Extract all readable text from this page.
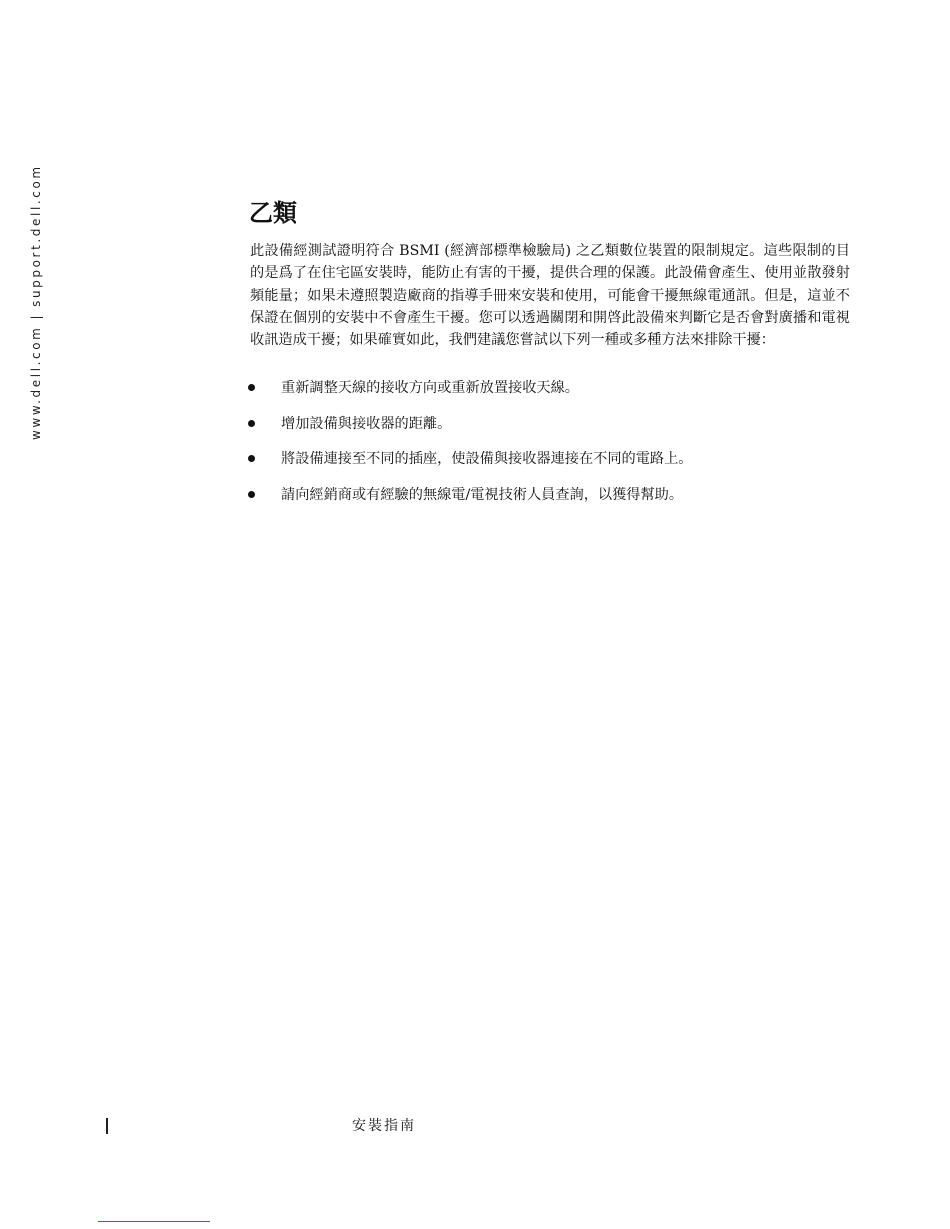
www.dell.com|support.dell.com	乙類

此設備經測試證明符合 BSMI (經濟部標準檢驗局) 之乙類數位裝置的限制規定。這些限制的目的是爲了在住宅區安裝時，能防止有害的干擾，提供合理的保護。此設備會產生、使用並散發射頻能量；如果未遵照製造廠商的指導手冊來安裝和使用，可能會干擾無線電通訊。但是，這並不保證在個別的安裝中不會產生干擾。您可以透過關閉和開啓此設備來判斷它是否會對廣播和電視收訊造成干擾；如果確實如此，我們建議您嘗試以下列一種或多種方法來排除干擾：

重新調整天線的接收方向或重新放置接收天線。
增加設備與接收器的距離。
將設備連接至不同的插座，使設備與接收器連接在不同的電路上。
請向經銷商或有經驗的無線電/電視技術人員查詢，以獲得幫助。
安裝指南
